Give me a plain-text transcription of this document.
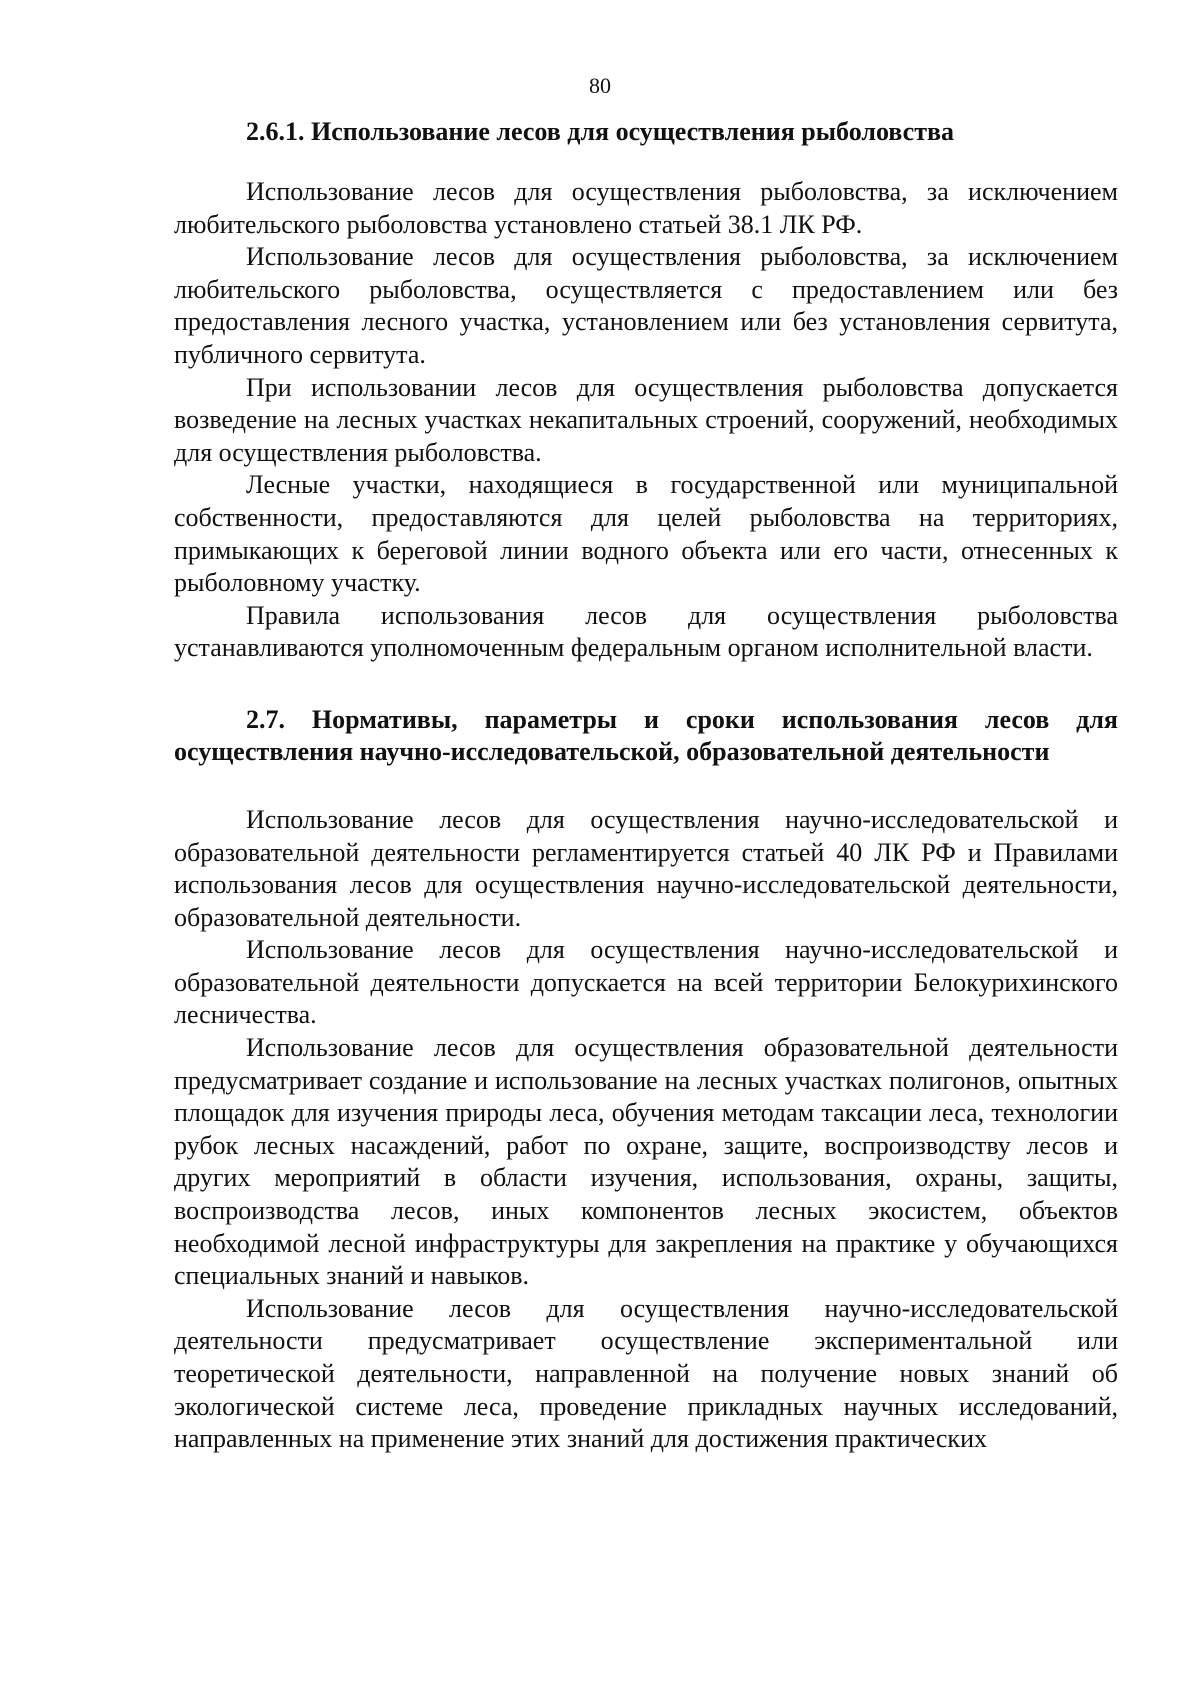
80
2.6.1. Использование лесов для осуществления рыболовства

Использование лесов для осуществления рыболовства, за исключением любительского рыболовства установлено статьей 38.1 ЛК РФ.

Использование лесов для осуществления рыболовства, за исключением любительского рыболовства, осуществляется с предоставлением или без предоставления лесного участка, установлением или без установления сервитута, публичного сервитута.

При использовании лесов для осуществления рыболовства допускается возведение на лесных участках некапитальных строений, сооружений, необходимых для осуществления рыболовства.

Лесные участки, находящиеся в государственной или муниципальной собственности, предоставляются для целей рыболовства на территориях, примыкающих к береговой линии водного объекта или его части, отнесенных к рыболовному участку.

Правила использования лесов для осуществления рыболовства устанавливаются уполномоченным федеральным органом исполнительной власти.

2.7. Нормативы, параметры и сроки использования лесов для осуществления научно-исследовательской, образовательной деятельности

Использование лесов для осуществления научно-исследовательской и образовательной деятельности регламентируется статьей 40 ЛК РФ и Правилами использования лесов для осуществления научно-исследовательской деятельности, образовательной деятельности.

Использование лесов для осуществления научно-исследовательской и образовательной деятельности допускается на всей территории Белокурихинского лесничества.

Использование лесов для осуществления образовательной деятельности предусматривает создание и использование на лесных участках полигонов, опытных площадок для изучения природы леса, обучения методам таксации леса, технологии рубок лесных насаждений, работ по охране, защите, воспроизводству лесов и других мероприятий в области изучения, использования, охраны, защиты, воспроизводства лесов, иных компонентов лесных экосистем, объектов необходимой лесной инфраструктуры для закрепления на практике у обучающихся специальных знаний и навыков.

Использование лесов для осуществления научно-исследовательской деятельности предусматривает осуществление экспериментальной или теоретической деятельности, направленной на получение новых знаний об экологической системе леса, проведение прикладных научных исследований, направленных на применение этих знаний для достижения практических
